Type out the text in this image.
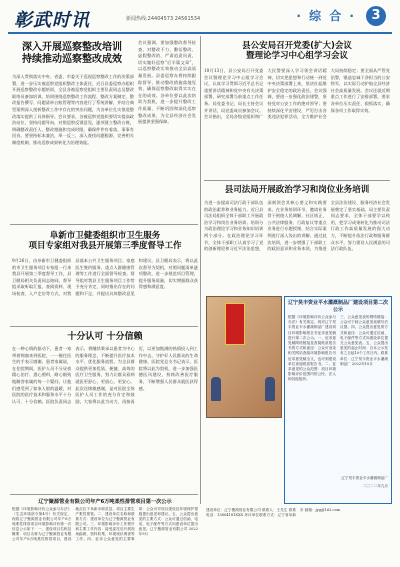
彰武时讯	新闻热线:24404573 24561534	· 综 合 ·	3
深入开展巡察整改培训
持续推动巡察整改成效
为深入贯彻落实中央、省委、市委关于巡视巡察整改工作的决策部署，进一步压实被巡察党组织整改主体责任，近日县委巡察办组织开展巡察整改专题培训，全县各被巡察党组织主要负责同志及整改联络员参加培训。培训围绕巡察整改工作流程、整改方案制定、整改报告撰写、问题清单台账管理等内容进行了系统讲解，并结合典型案例深入剖析整改工作中存在的突出问题，为各单位扎实推进整改落实提供了具体指导。会议要求，各被巡察党组织要切实提高政治站位，坚持问题导向，对照巡察反馈意见，逐项建立整改台账，明确整改责任人、整改措施和完成时限，确保件件有着落、事事有回音。要坚持标本兼治，举一反三，深入查找问题根源，完善相关制度机制，推动巡察成果转化为治理效能。
会议强调，要加强整改督导检查，对整改不力、敷衍整改、虚假整改的，严肃追责问责，切实做好巡察“后半篇文章”，以巡察整改实效推动全县高质量发展。县委巡察办将持续跟踪督导，推动整改措施落地见效，确保巡察整改取得实实在在的成效。各单位要以此次培训为契机，进一步提升整改工作质量，不断巩固和深化巡察整改成果，为全县经济社会发展提供坚强保障。
阜新市卫健委组织市卫生服务
项目专家组对我县开展第三季度督导工作
9月26日，由阜新市卫健委组织的市卫生服务项目专家组一行来我县开展第三季度督导工作，县卫健局相关负责同志陪同。督导组采取听取汇报、查阅资料、现场检查、入户走访等方式，对我县基本公共卫生服务项目、家庭医生签约服务、重点人群健康管理等工作进行全面督导检查。督导组对我县卫生服务项目工作给予充分肯定，同时指出存在的问题和不足，并提出具体整改意见和建议。县卫健局表示，将以此次督导为契机，对照问题清单逐项整改，进一步规范项目管理，提升服务质量，切实增强群众获得感和满意度。
十分认可 十分信赖
在一种心情的驱动下，患者一家带着锦旗来到医院，一一握住医生的手表示感谢。患者家属说，在住院期间，医护人员不分昼夜精心治疗、悉心照料，耐心细致地解答家属的每一个疑问，让他们感受到了如家人般的温暖，对医院的医疗技术和服务水平十分认可、十分信赖。医院负责同志表示，将继续秉承以患者为中心的服务理念，不断提升医疗技术水平，优化服务流程，为全县群众提供更加优质、便捷、高效的医疗卫生服务，努力让群众看病就医更舒心、更放心、更安心。此次送锦旗感谢，是对医院全体医护人员工作的充分肯定和鼓励，大家将以此为动力，再接再厉，以更加饱满的热情投入到工作中去，守护好人民群众的生命健康。医院党总支书记表示，医院将以此为契机，进一步加强医德医风建设，持续改善医疗服务，不断增强人民群众就医获得感。
辽宁聚源管业有限公司年产6万吨柔性排管项目第一次公示
根据《环境影响评价公众参与办法》（生态环境部令第4号）有关规定，现将辽宁聚源管业有限公司年产6万吨柔性排管项目环境影响评价第一次信息公示如下：一、建设项目名称及概要：项目名称为辽宁聚源管业有限公司年产6万吨柔性排管项目，建设地点位于阜新市彰武县，项目主要生产柔性排管。二、建设单位名称和联系方式：建设单位为辽宁聚源管业有限公司。三、环境影响评价工作程序和主要工作内容：接受委托后开展现场踏勘、资料收集、环境现状调查等工作。四、征求公众意见的主要事项：公众可对项目建设及环境保护措施提出意见和建议。五、公众提出意见的主要方式：公众可通过信函、电话、电子邮件等方式向建设单位提出意见。辽宁聚源管业有限公司 2022年9月
县公安局召开党委(扩大)会议
暨理论学习中心组学习会议
10月13日，县公安局召开党委会议暨理论学习中心组学习会议，认真学习贯彻习近平总书记重要讲话精神和党中央有关决策部署，研究部署当前重点工作任务。局党委书记、局长主持会议并讲话，局党委成员参加会议。会议指出，全局各级党组织和广大民警要深入学习领会讲话精神，切实把思想和行动统一到党中央决策部署上来，坚决扛起维护安全稳定的政治责任。会议强调，要进一步强化政治建警，坚持党对公安工作的绝对领导；要持续深化平安建设，严厉打击各类违法犯罪活动，全力维护社会大局持续稳定；要全面从严管党治警，锻造忠诚干净担当的公安铁军，以实际行动护航全县经济社会高质量发展。会议还就近期重点工作进行了安排部署，要求各单位压实责任、狠抓落实，确保各项工作取得实效。
县司法局开展政治学习和岗位业务培训
为进一步提高司法行政干部队伍的政治素养和业务能力，近日县司法局组织全体干部职工开展政治学习和岗位业务培训。培训分为政治理论学习和业务知识培训两个部分。在政治理论学习环节，全体干部职工认真学习了党的创新理论和习近平法治思想，深刻领会其核心要义和实践要求。在业务培训环节，邀请业务骨干围绕人民调解、社区矫正、公共法律服务、行政复议等重点业务进行专题授课，结合实际案例进行深入浅出的讲解。通过此次培训，进一步增强了干部职工的政治意识和业务本领，为推进全县法治建设、服务经济社会发展奠定了坚实基础。局主要负责同志要求，全体干部要学以致用，把学习成果转化为推动司法行政工作高质量发展的强大动力，不断提升依法行政和服务群众水平，努力建设人民满意的司法行政队伍。
辽宁昊丰资业平水灌溉制品厂建设项目第二次公示
根据《环境影响评价公众参与办法》有关规定，现对辽宁昊丰资业平水灌溉制品厂建设项目环境影响报告书征求意见稿进行第二次公示。一、征求意见稿网络链接及查阅纸质报告书的方式和途径：公众可登录相关网站查阅环境影响报告书征求意见稿全文，也可到建设单位查阅纸质报告书。二、征求意见的公众范围：项目环境影响评价范围内的公民、法人和其他组织。
三、公众意见表的网络链接：公众可下载公众意见表填写后反馈。四、公众提出意见的方式和途径：公众可通过信函、电子邮件等方式向建设单位提交公众意见表。五、公众提出意见的起止时间：自本公示发布之日起10个工作日内。联系单位：辽宁昊丰资业平水灌溉制品厂 2022年10月
辽宁昊丰资业平水灌溉制品厂
二〇二二年九月
建设单位：辽宁聚源管业有限公司 联系人：王先生 联系电话：13804181XXX 环评单位联系方式：辽宁省阜新市 邮箱：jyg@163.com
